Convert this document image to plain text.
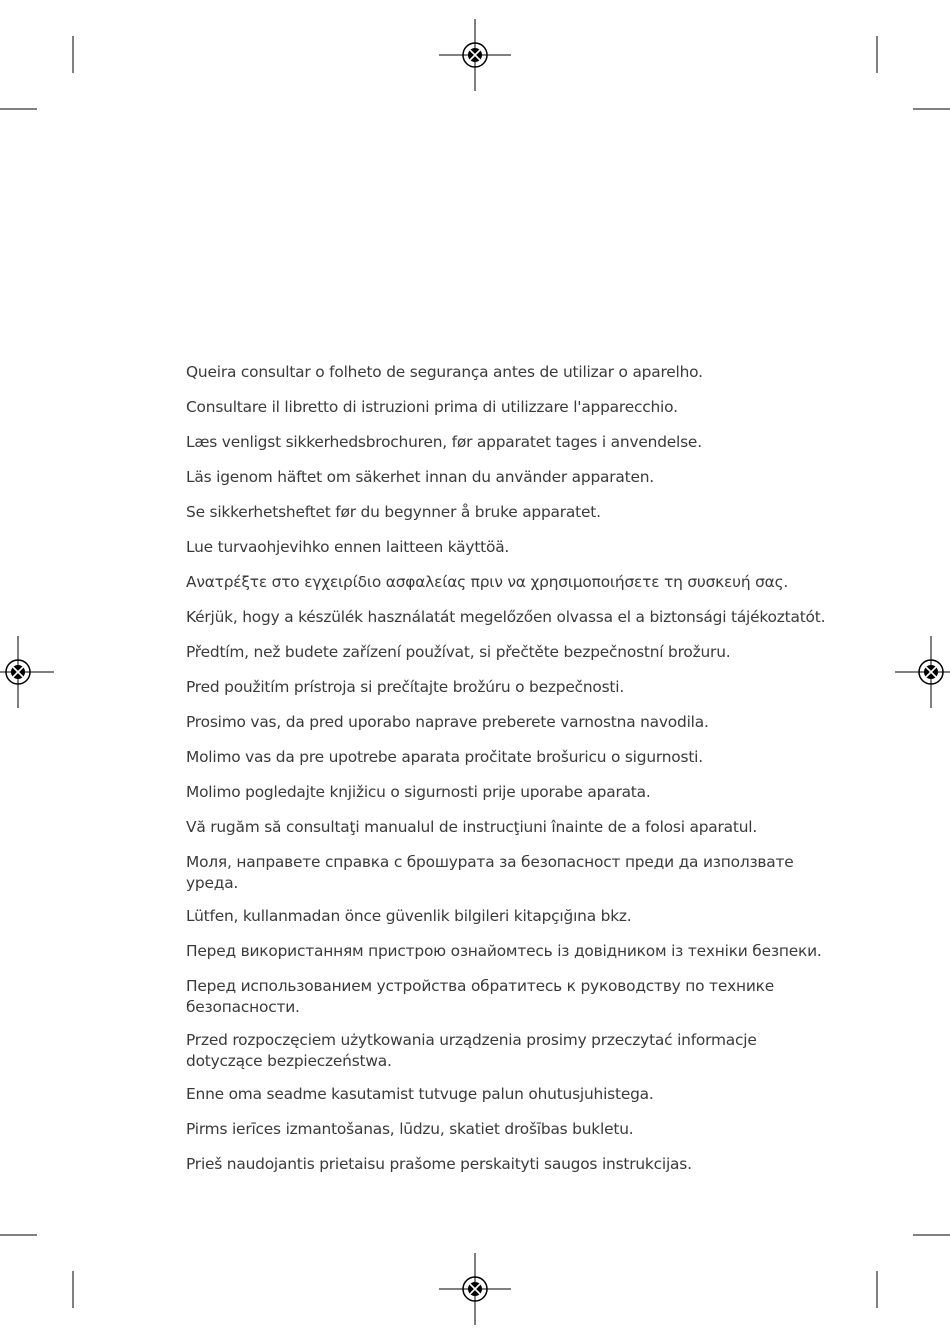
Queira consultar o folheto de segurança antes de utilizar o aparelho.
Consultare il libretto di istruzioni prima di utilizzare l'apparecchio.
Læs venligst sikkerhedsbrochuren, før apparatet tages i anvendelse.
Läs igenom häftet om säkerhet innan du använder apparaten.
Se sikkerhetsheftet før du begynner å bruke apparatet.
Lue turvaohjevihko ennen laitteen käyttöä.
Ανατρέξτε στο εγχειρίδιο ασφαλείας πριν να χρησιμοποιήσετε τη συσκευή σας.
Kérjük, hogy a készülék használatát megelőzően olvassa el a biztonsági tájékoztatót.
Předtím, než budete zařízení používat, si přečtěte bezpečnostní brožuru.
Pred použitím prístroja si prečítajte brožúru o bezpečnosti.
Prosimo vas, da pred uporabo naprave preberete varnostna navodila.
Molimo vas da pre upotrebe aparata pročitate brošuricu o sigurnosti.
Molimo pogledajte knjižicu o sigurnosti prije uporabe aparata.
Vă rugăm să consultaţi manualul de instrucţiuni înainte de a folosi aparatul.
Моля, направете справка с брошурата за безопасност преди да използвате уреда.
Lütfen, kullanmadan önce güvenlik bilgileri kitapçığına bkz.
Перед використанням пристрою ознайомтесь із довідником із техніки безпеки.
Перед использованием устройства обратитесь к руководству по технике безопасности.
Przed rozpoczęciem użytkowania urządzenia prosimy przeczytać informacje dotyczące bezpieczeństwa.
Enne oma seadme kasutamist tutvuge palun ohutusjuhistega.
Pirms ierīces izmantošanas, lūdzu, skatiet drošības bukletu.
Prieš naudojantis prietaisu prašome perskaityti saugos instrukcijas.
